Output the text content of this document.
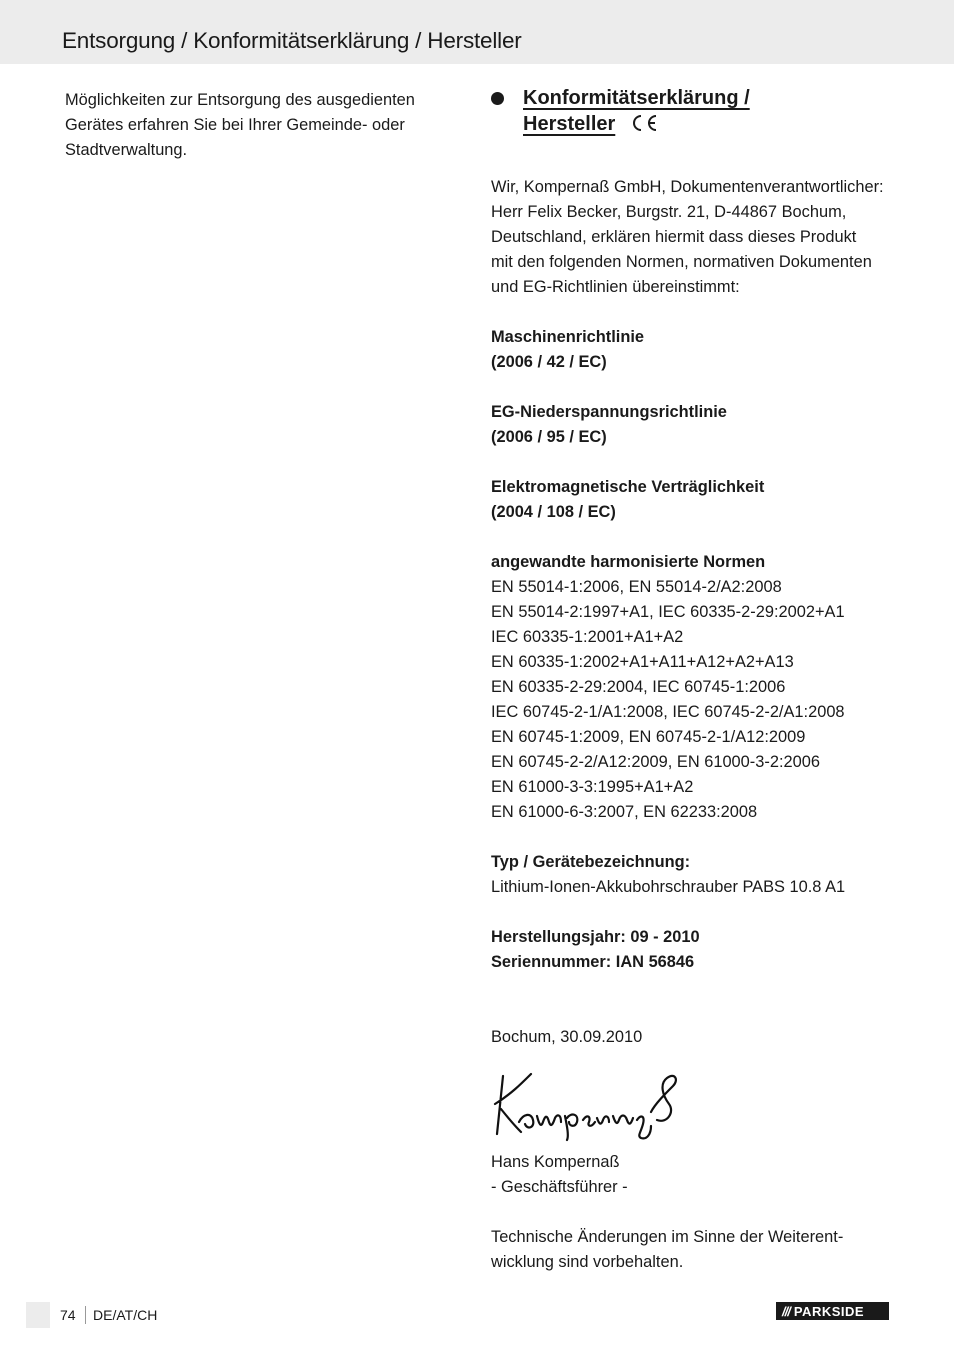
Entsorgung / Konformitätserklärung / Hersteller
Möglichkeiten zur Entsorgung des ausgedienten
Gerätes erfahren Sie bei Ihrer Gemeinde- oder
Stadtverwaltung.
Konformitätserklärung /
Hersteller

Wir, Kompernaß GmbH, Dokumentenverantwortlicher:
Herr Felix Becker, Burgstr. 21, D-44867 Bochum,
Deutschland, erklären hiermit dass dieses Produkt
mit den folgenden Normen, normativen Dokumenten
und EG-Richtlinien übereinstimmt:

Maschinenrichtlinie
(2006 / 42 / EC)

EG-Niederspannungsrichtlinie
(2006 / 95 / EC)

Elektromagnetische Verträglichkeit
(2004 / 108 / EC)

angewandte harmonisierte Normen
EN 55014-1:2006, EN 55014-2/A2:2008
EN 55014-2:1997+A1, IEC 60335-2-29:2002+A1
IEC 60335-1:2001+A1+A2
EN 60335-1:2002+A1+A11+A12+A2+A13
EN 60335-2-29:2004, IEC 60745-1:2006
IEC 60745-2-1/A1:2008, IEC 60745-2-2/A1:2008
EN 60745-1:2009, EN 60745-2-1/A12:2009
EN 60745-2-2/A12:2009, EN 61000-3-2:2006
EN 61000-3-3:1995+A1+A2
EN 61000-6-3:2007, EN 62233:2008

Typ / Gerätebezeichnung:
Lithium-Ionen-Akkubohrschrauber PABS 10.8 A1

Herstellungsjahr: 09 - 2010
Seriennummer: IAN 56846

Bochum, 30.09.2010

Hans Kompernaß
- Geschäftsführer -

Technische Änderungen im Sinne der Weiterent-
wicklung sind vorbehalten.

74 DE/AT/CH	/// PARKSIDE
